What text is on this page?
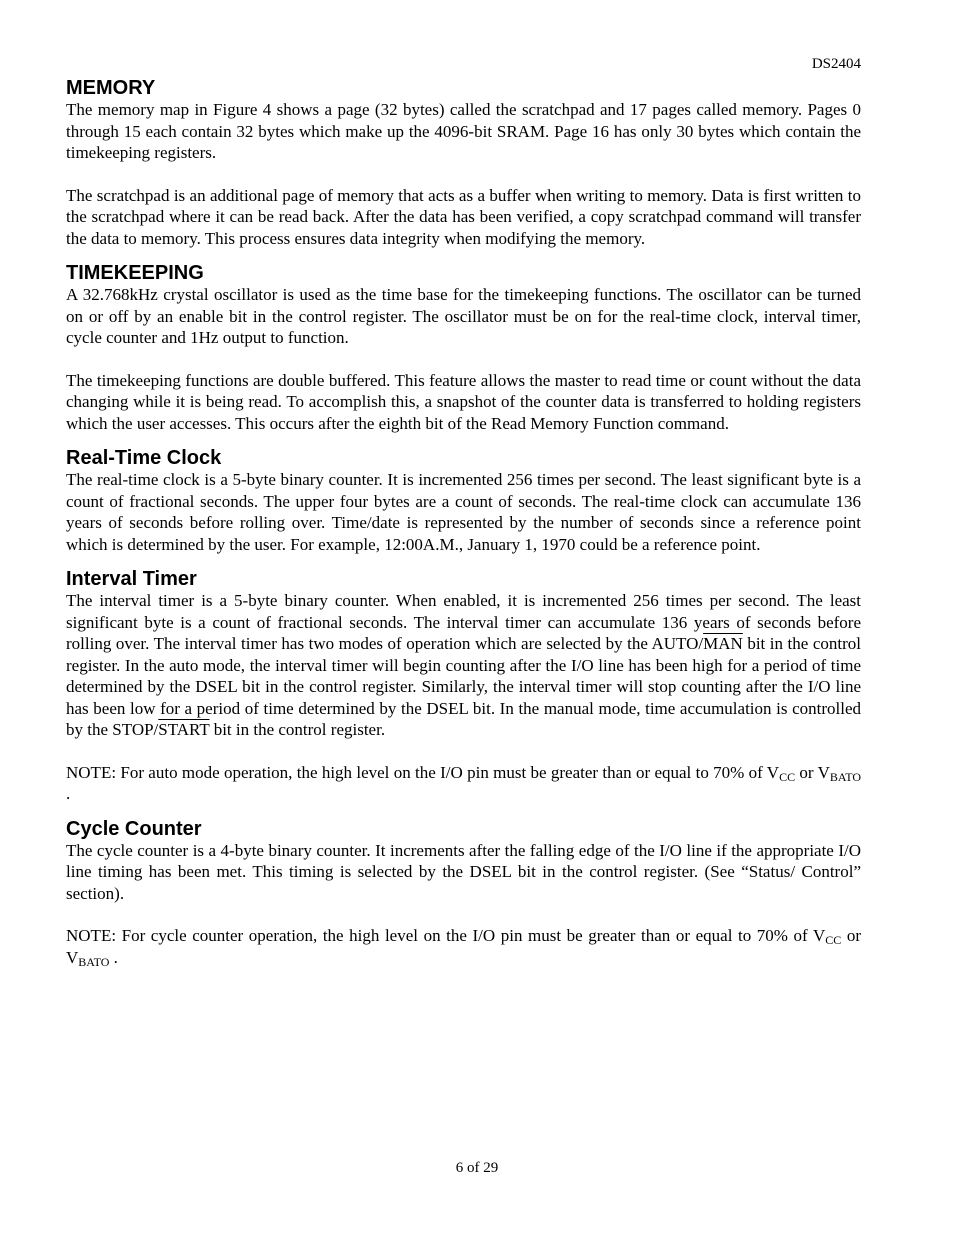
DS2404
MEMORY

The memory map in Figure 4 shows a page (32 bytes) called the scratchpad and 17 pages called memory. Pages 0 through 15 each contain 32 bytes which make up the 4096-bit SRAM. Page 16 has only 30 bytes which contain the timekeeping registers.

The scratchpad is an additional page of memory that acts as a buffer when writing to memory. Data is first written to the scratchpad where it can be read back. After the data has been verified, a copy scratchpad command will transfer the data to memory. This process ensures data integrity when modifying the memory.

TIMEKEEPING

A 32.768kHz crystal oscillator is used as the time base for the timekeeping functions. The oscillator can be turned on or off by an enable bit in the control register. The oscillator must be on for the real-time clock, interval timer, cycle counter and 1Hz output to function.

The timekeeping functions are double buffered. This feature allows the master to read time or count without the data changing while it is being read. To accomplish this, a snapshot of the counter data is transferred to holding registers which the user accesses. This occurs after the eighth bit of the Read Memory Function command.

Real-Time Clock

The real-time clock is a 5-byte binary counter. It is incremented 256 times per second. The least significant byte is a count of fractional seconds. The upper four bytes are a count of seconds. The real-time clock can accumulate 136 years of seconds before rolling over. Time/date is represented by the number of seconds since a reference point which is determined by the user. For example, 12:00A.M., January 1, 1970 could be a reference point.

Interval Timer

The interval timer is a 5-byte binary counter. When enabled, it is incremented 256 times per second. The least significant byte is a count of fractional seconds. The interval timer can accumulate 136 years of seconds before rolling over. The interval timer has two modes of operation which are selected by the AUTO/$\overline{MAN}$ bit in the control register. In the auto mode, the interval timer will begin counting after the I/O line has been high for a period of time determined by the DSEL bit in the control register. Similarly, the interval timer will stop counting after the I/O line has been low for a period of time determined by the DSEL bit. In the manual mode, time accumulation is controlled by the STOP/START bit in the control register.

NOTE: For auto mode operation, the high level on the I/O pin must be greater than or equal to 70% of $V_{CC}$ or $V_{BATO}$ .

Cycle Counter

The cycle counter is a 4-byte binary counter. It increments after the falling edge of the I/O line if the appropriate I/O line timing has been met. This timing is selected by the DSEL bit in the control register. (See “Status/ Control” section).

NOTE: For cycle counter operation, the high level on the I/O pin must be greater than or equal to 70% of $V_{CC}$ or $V_{BATO}$ .

6 of 29
